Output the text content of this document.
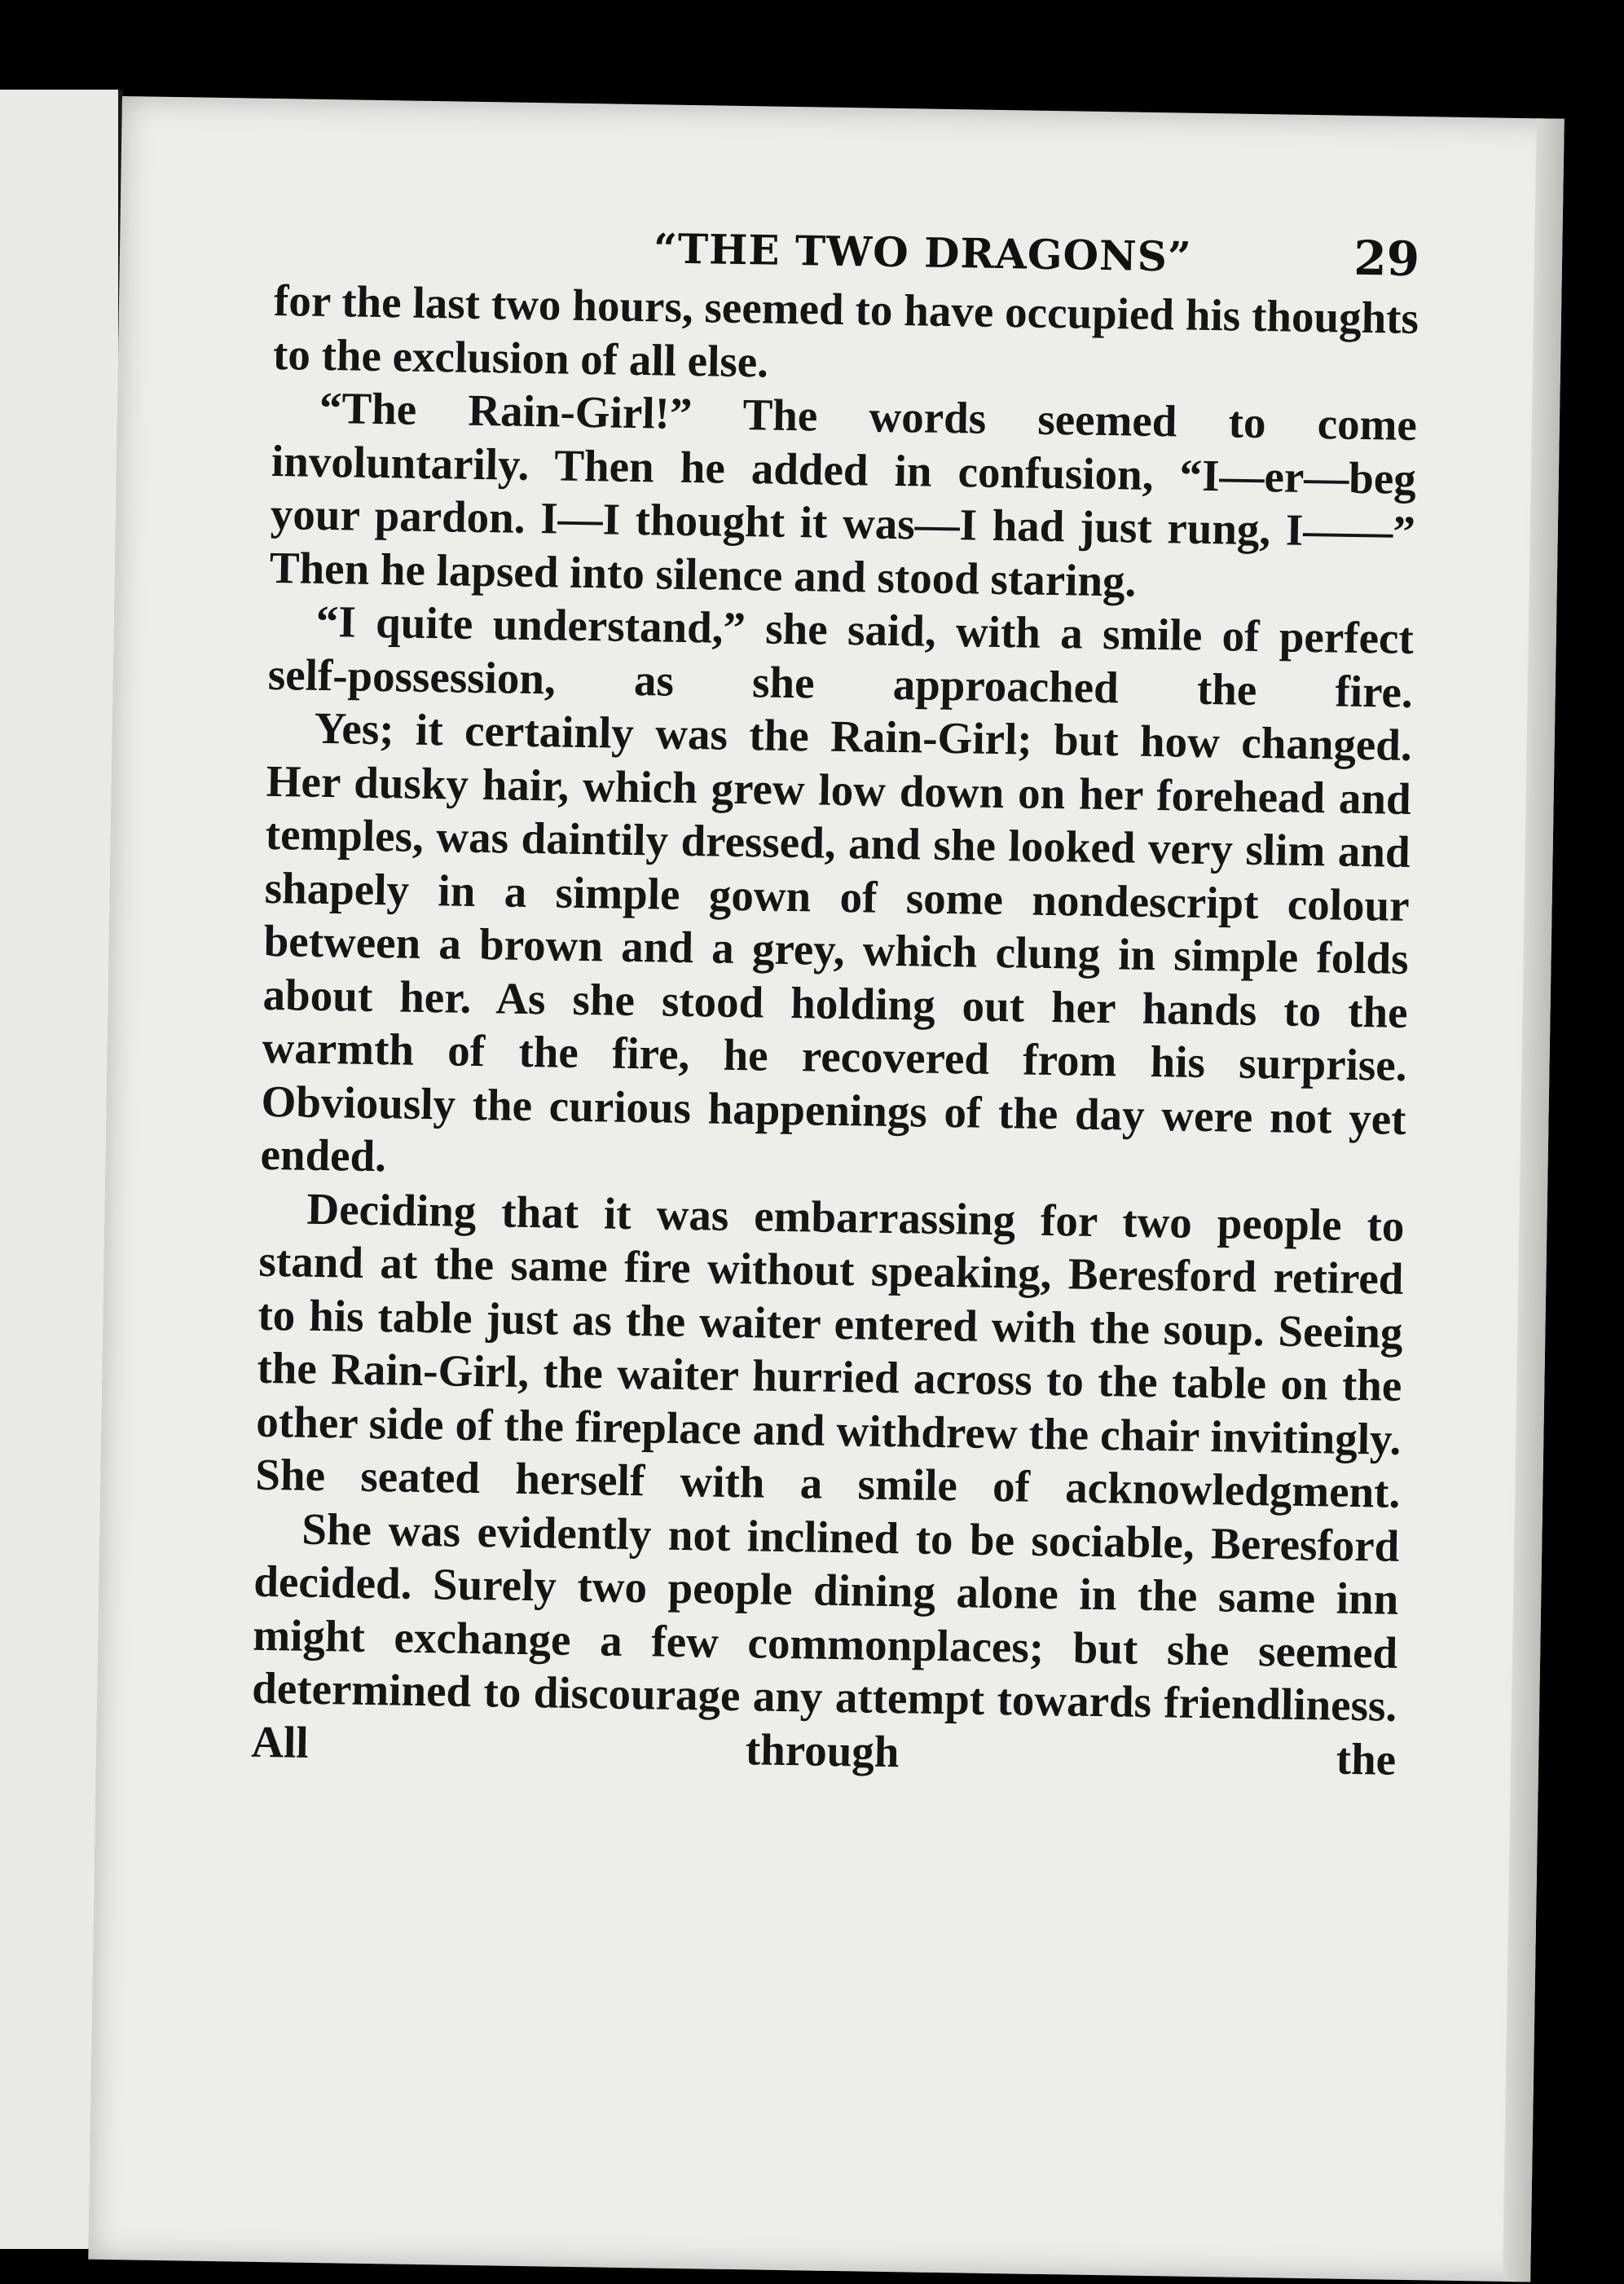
“THE TWO DRAGONS”	29

for the last two hours, seemed to have occupied his thoughts to the exclusion of all else.

“The Rain-Girl!” The words seemed to come involuntarily. Then he added in confusion, “I—er—beg your pardon. I—I thought it was—I had just rung, I——” Then he lapsed into silence and stood staring.

“I quite understand,” she said, with a smile of perfect self-possession, as she approached the fire.

Yes; it certainly was the Rain-Girl; but how changed. Her dusky hair, which grew low down on her forehead and temples, was daintily dressed, and she looked very slim and shapely in a simple gown of some nondescript colour between a brown and a grey, which clung in simple folds about her. As she stood holding out her hands to the warmth of the fire, he recovered from his surprise. Obviously the curious happenings of the day were not yet ended.

Deciding that it was embarrassing for two people to stand at the same fire without speaking, Beresford retired to his table just as the waiter entered with the soup. Seeing the Rain-Girl, the waiter hurried across to the table on the other side of the fireplace and withdrew the chair invitingly. She seated herself with a smile of acknowledgment.

She was evidently not inclined to be sociable, Beresford decided. Surely two people dining alone in the same inn might exchange a few commonplaces; but she seemed determined to discourage any attempt towards friendliness. All through the
